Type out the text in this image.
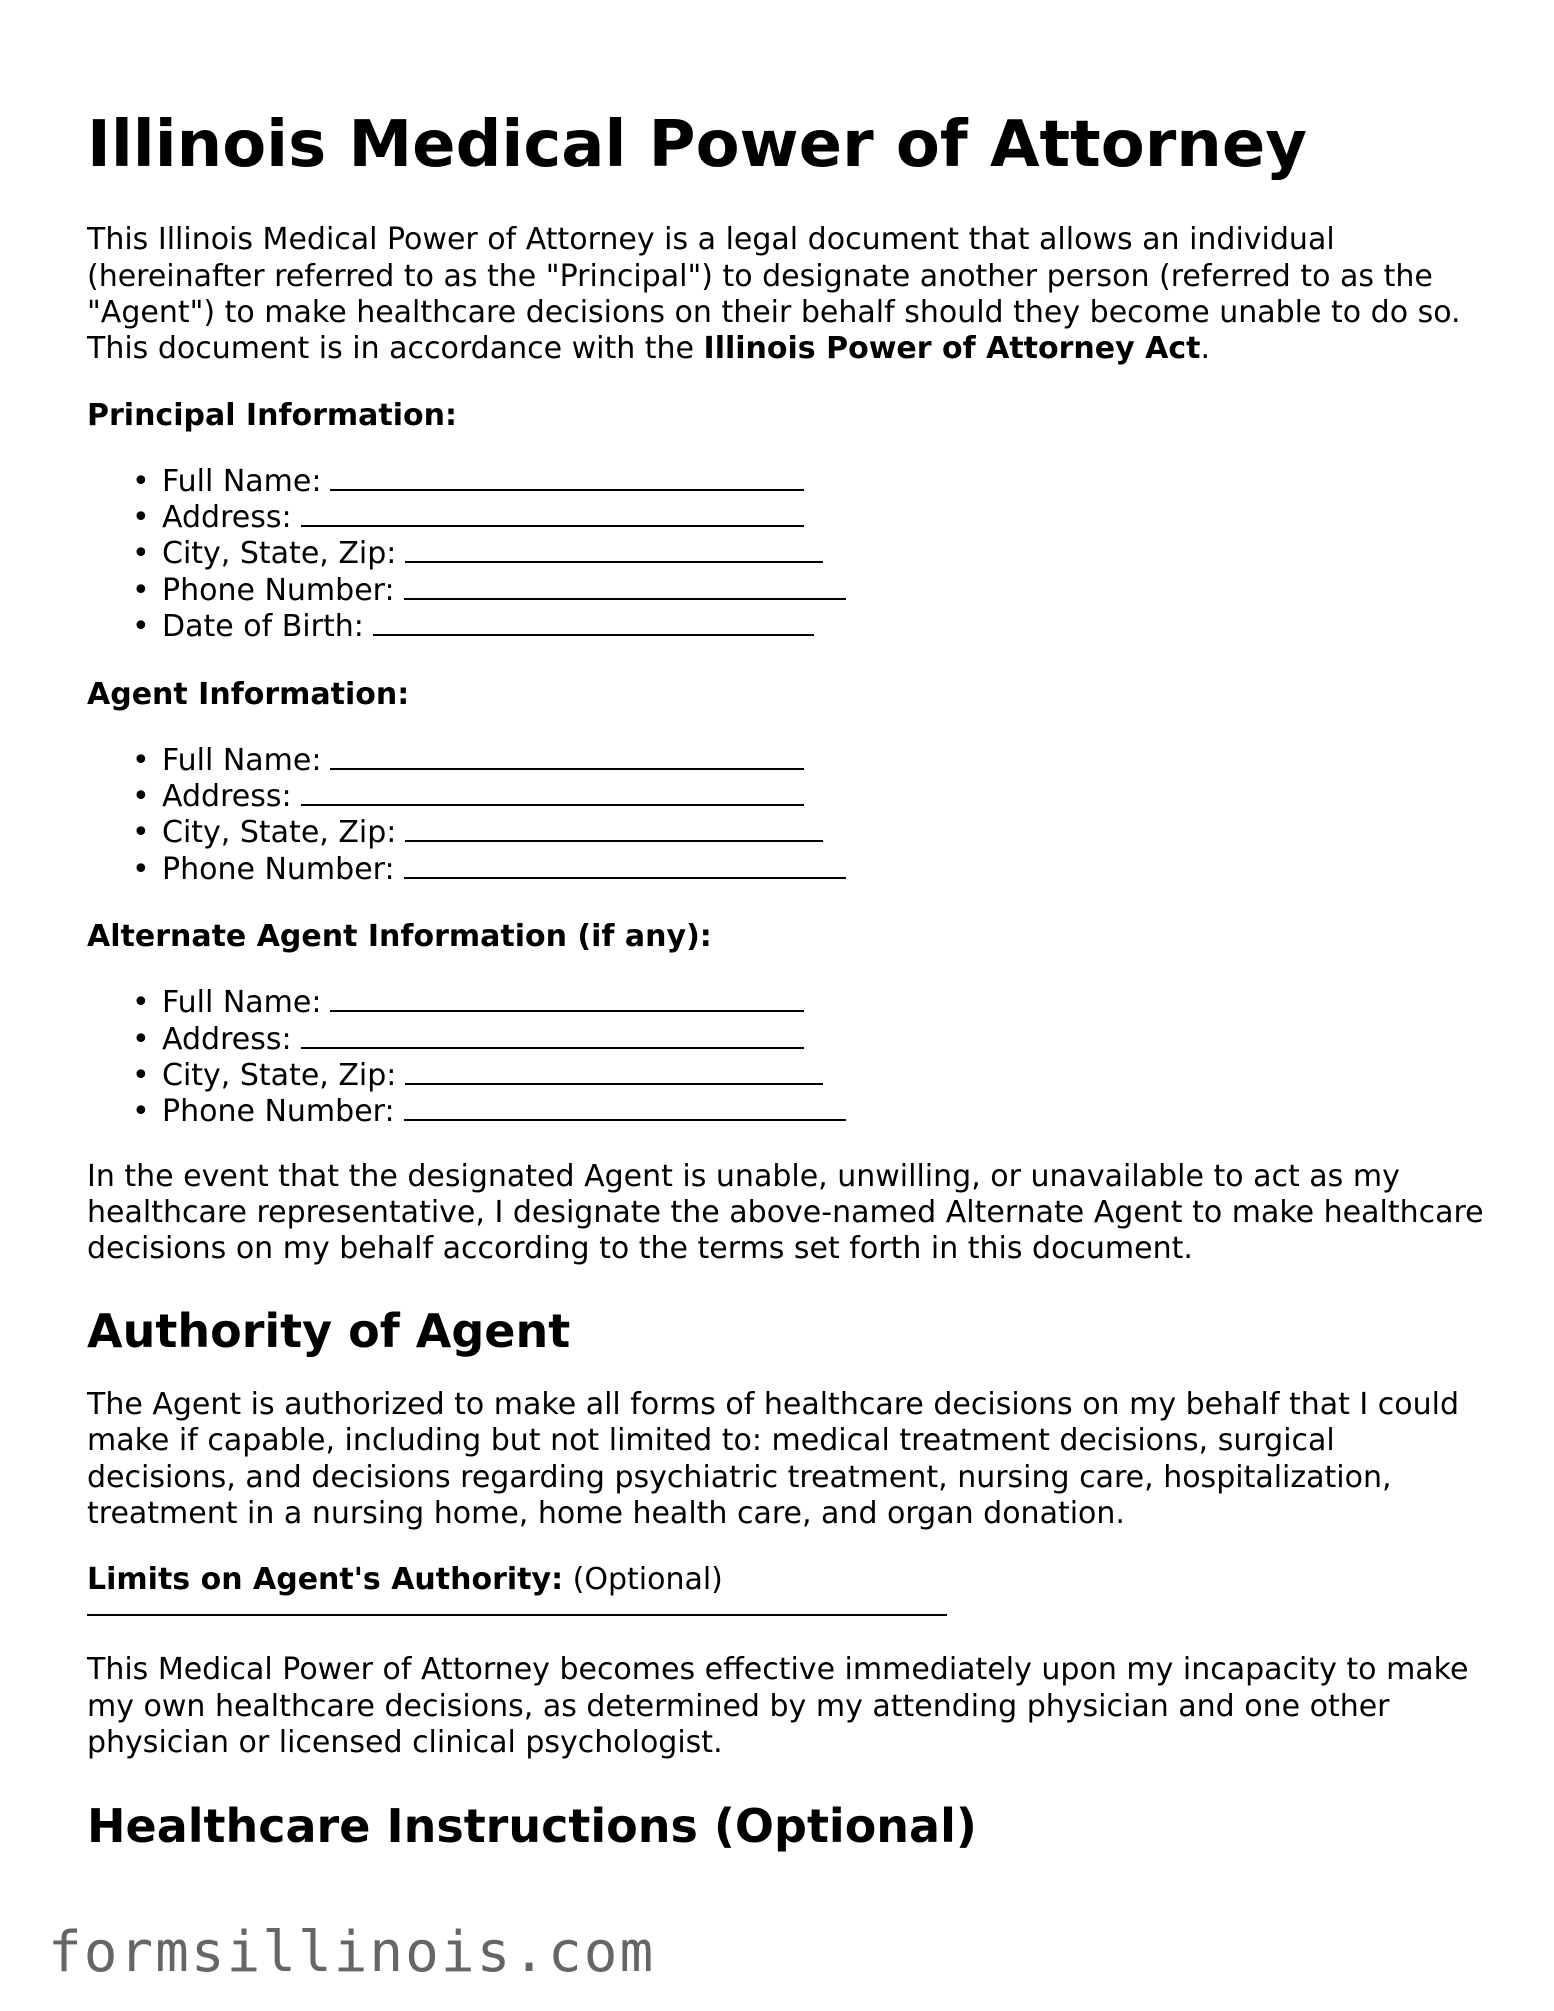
Illinois Medical Power of Attorney

This Illinois Medical Power of Attorney is a legal document that allows an individual (hereinafter referred to as the "Principal") to designate another person (referred to as the "Agent") to make healthcare decisions on their behalf should they become unable to do so. This document is in accordance with the Illinois Power of Attorney Act.

Principal Information:
• Full Name:
• Address:
• City, State, Zip:
• Phone Number:
• Date of Birth:
Agent Information:
• Full Name:
• Address:
• City, State, Zip:
• Phone Number:
Alternate Agent Information (if any):
• Full Name:
• Address:
• City, State, Zip:
• Phone Number:

In the event that the designated Agent is unable, unwilling, or unavailable to act as my healthcare representative, I designate the above-named Alternate Agent to make healthcare decisions on my behalf according to the terms set forth in this document.

Authority of Agent

The Agent is authorized to make all forms of healthcare decisions on my behalf that I could make if capable, including but not limited to: medical treatment decisions, surgical decisions, and decisions regarding psychiatric treatment, nursing care, hospitalization, treatment in a nursing home, home health care, and organ donation.

Limits on Agent's Authority: (Optional)

This Medical Power of Attorney becomes effective immediately upon my incapacity to make my own healthcare decisions, as determined by my attending physician and one other physician or licensed clinical psychologist.

Healthcare Instructions (Optional)
formsillinois.com
